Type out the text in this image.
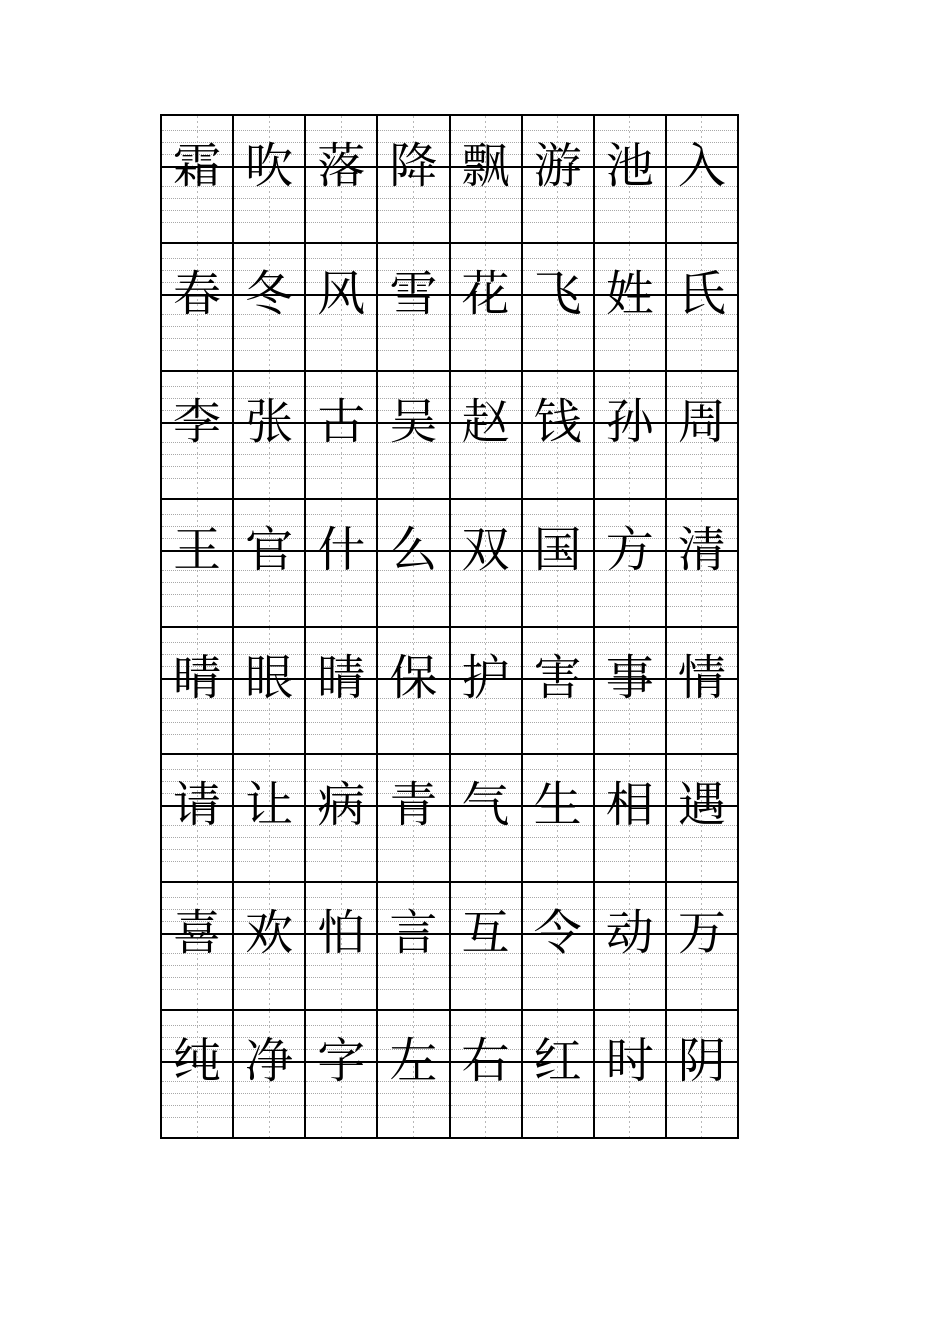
霜 吹 落 降 飘 游 池 入
春 冬 风 雪 花 飞 姓 氏
李 张 古 吴 赵 钱 孙 周
王 官 什 么 双 国 方 清
晴 眼 睛 保 护 害 事 情
请 让 病 青 气 生 相 遇
喜 欢 怕 言 互 令 动 万
纯 净 字 左 右 红 时 阴
